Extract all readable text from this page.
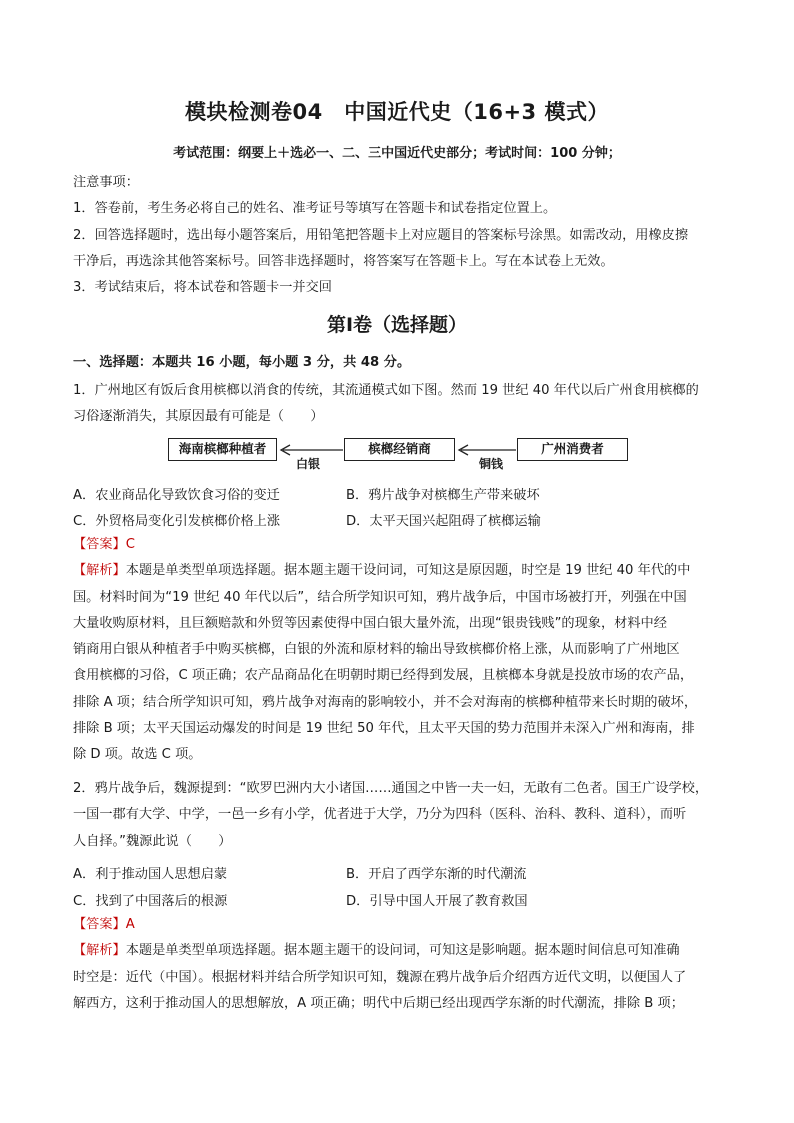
模块检测卷04　中国近代史（16+3 模式）
考试范围：纲要上＋选必一、二、三中国近代史部分；考试时间：100 分钟；
注意事项：
1．答卷前，考生务必将自己的姓名、准考证号等填写在答题卡和试卷指定位置上。
2．回答选择题时，选出每小题答案后，用铅笔把答题卡上对应题目的答案标号涂黑。如需改动，用橡皮擦
干净后，再选涂其他答案标号。回答非选择题时，将答案写在答题卡上。写在本试卷上无效。
3．考试结束后，将本试卷和答题卡一并交回
第Ⅰ卷（选择题）
一、选择题：本题共 16 小题，每小题 3 分，共 48 分。
1．广州地区有饭后食用槟榔以消食的传统，其流通模式如下图。然而 19 世纪 40 年代以后广州食用槟榔的
习俗逐渐消失，其原因最有可能是（　　）
海南槟榔种植者	槟榔经销商	广州消费者
白银	铜钱
A．农业商品化导致饮食习俗的变迁	B．鸦片战争对槟榔生产带来破坏
C．外贸格局变化引发槟榔价格上涨	D．太平天国兴起阻碍了槟榔运输
【答案】C
【解析】本题是单类型单项选择题。据本题主题干设问词，可知这是原因题，时空是 19 世纪 40 年代的中
国。材料时间为“19 世纪 40 年代以后”，结合所学知识可知，鸦片战争后，中国市场被打开，列强在中国
大量收购原材料，且巨额赔款和外贸等因素使得中国白银大量外流，出现“银贵钱贱”的现象，材料中经
销商用白银从种植者手中购买槟榔，白银的外流和原材料的输出导致槟榔价格上涨，从而影响了广州地区
食用槟榔的习俗，C 项正确；农产品商品化在明朝时期已经得到发展，且槟榔本身就是投放市场的农产品，
排除 A 项；结合所学知识可知，鸦片战争对海南的影响较小，并不会对海南的槟榔种植带来长时期的破坏，
排除 B 项；太平天国运动爆发的时间是 19 世纪 50 年代，且太平天国的势力范围并未深入广州和海南，排
除 D 项。故选 C 项。
2．鸦片战争后，魏源提到：“欧罗巴洲内大小诸国……通国之中皆一夫一妇，无敢有二色者。国王广设学校，
一国一郡有大学、中学，一邑一乡有小学，优者进于大学，乃分为四科（医科、治科、教科、道科），而听
人自择。”魏源此说（　　）
A．利于推动国人思想启蒙	B．开启了西学东渐的时代潮流
C．找到了中国落后的根源	D．引导中国人开展了教育救国
【答案】A
【解析】本题是单类型单项选择题。据本题主题干的设问词，可知这是影响题。据本题时间信息可知准确
时空是：近代（中国）。根据材料并结合所学知识可知，魏源在鸦片战争后介绍西方近代文明，以便国人了
解西方，这利于推动国人的思想解放，A 项正确；明代中后期已经出现西学东渐的时代潮流，排除 B 项；
